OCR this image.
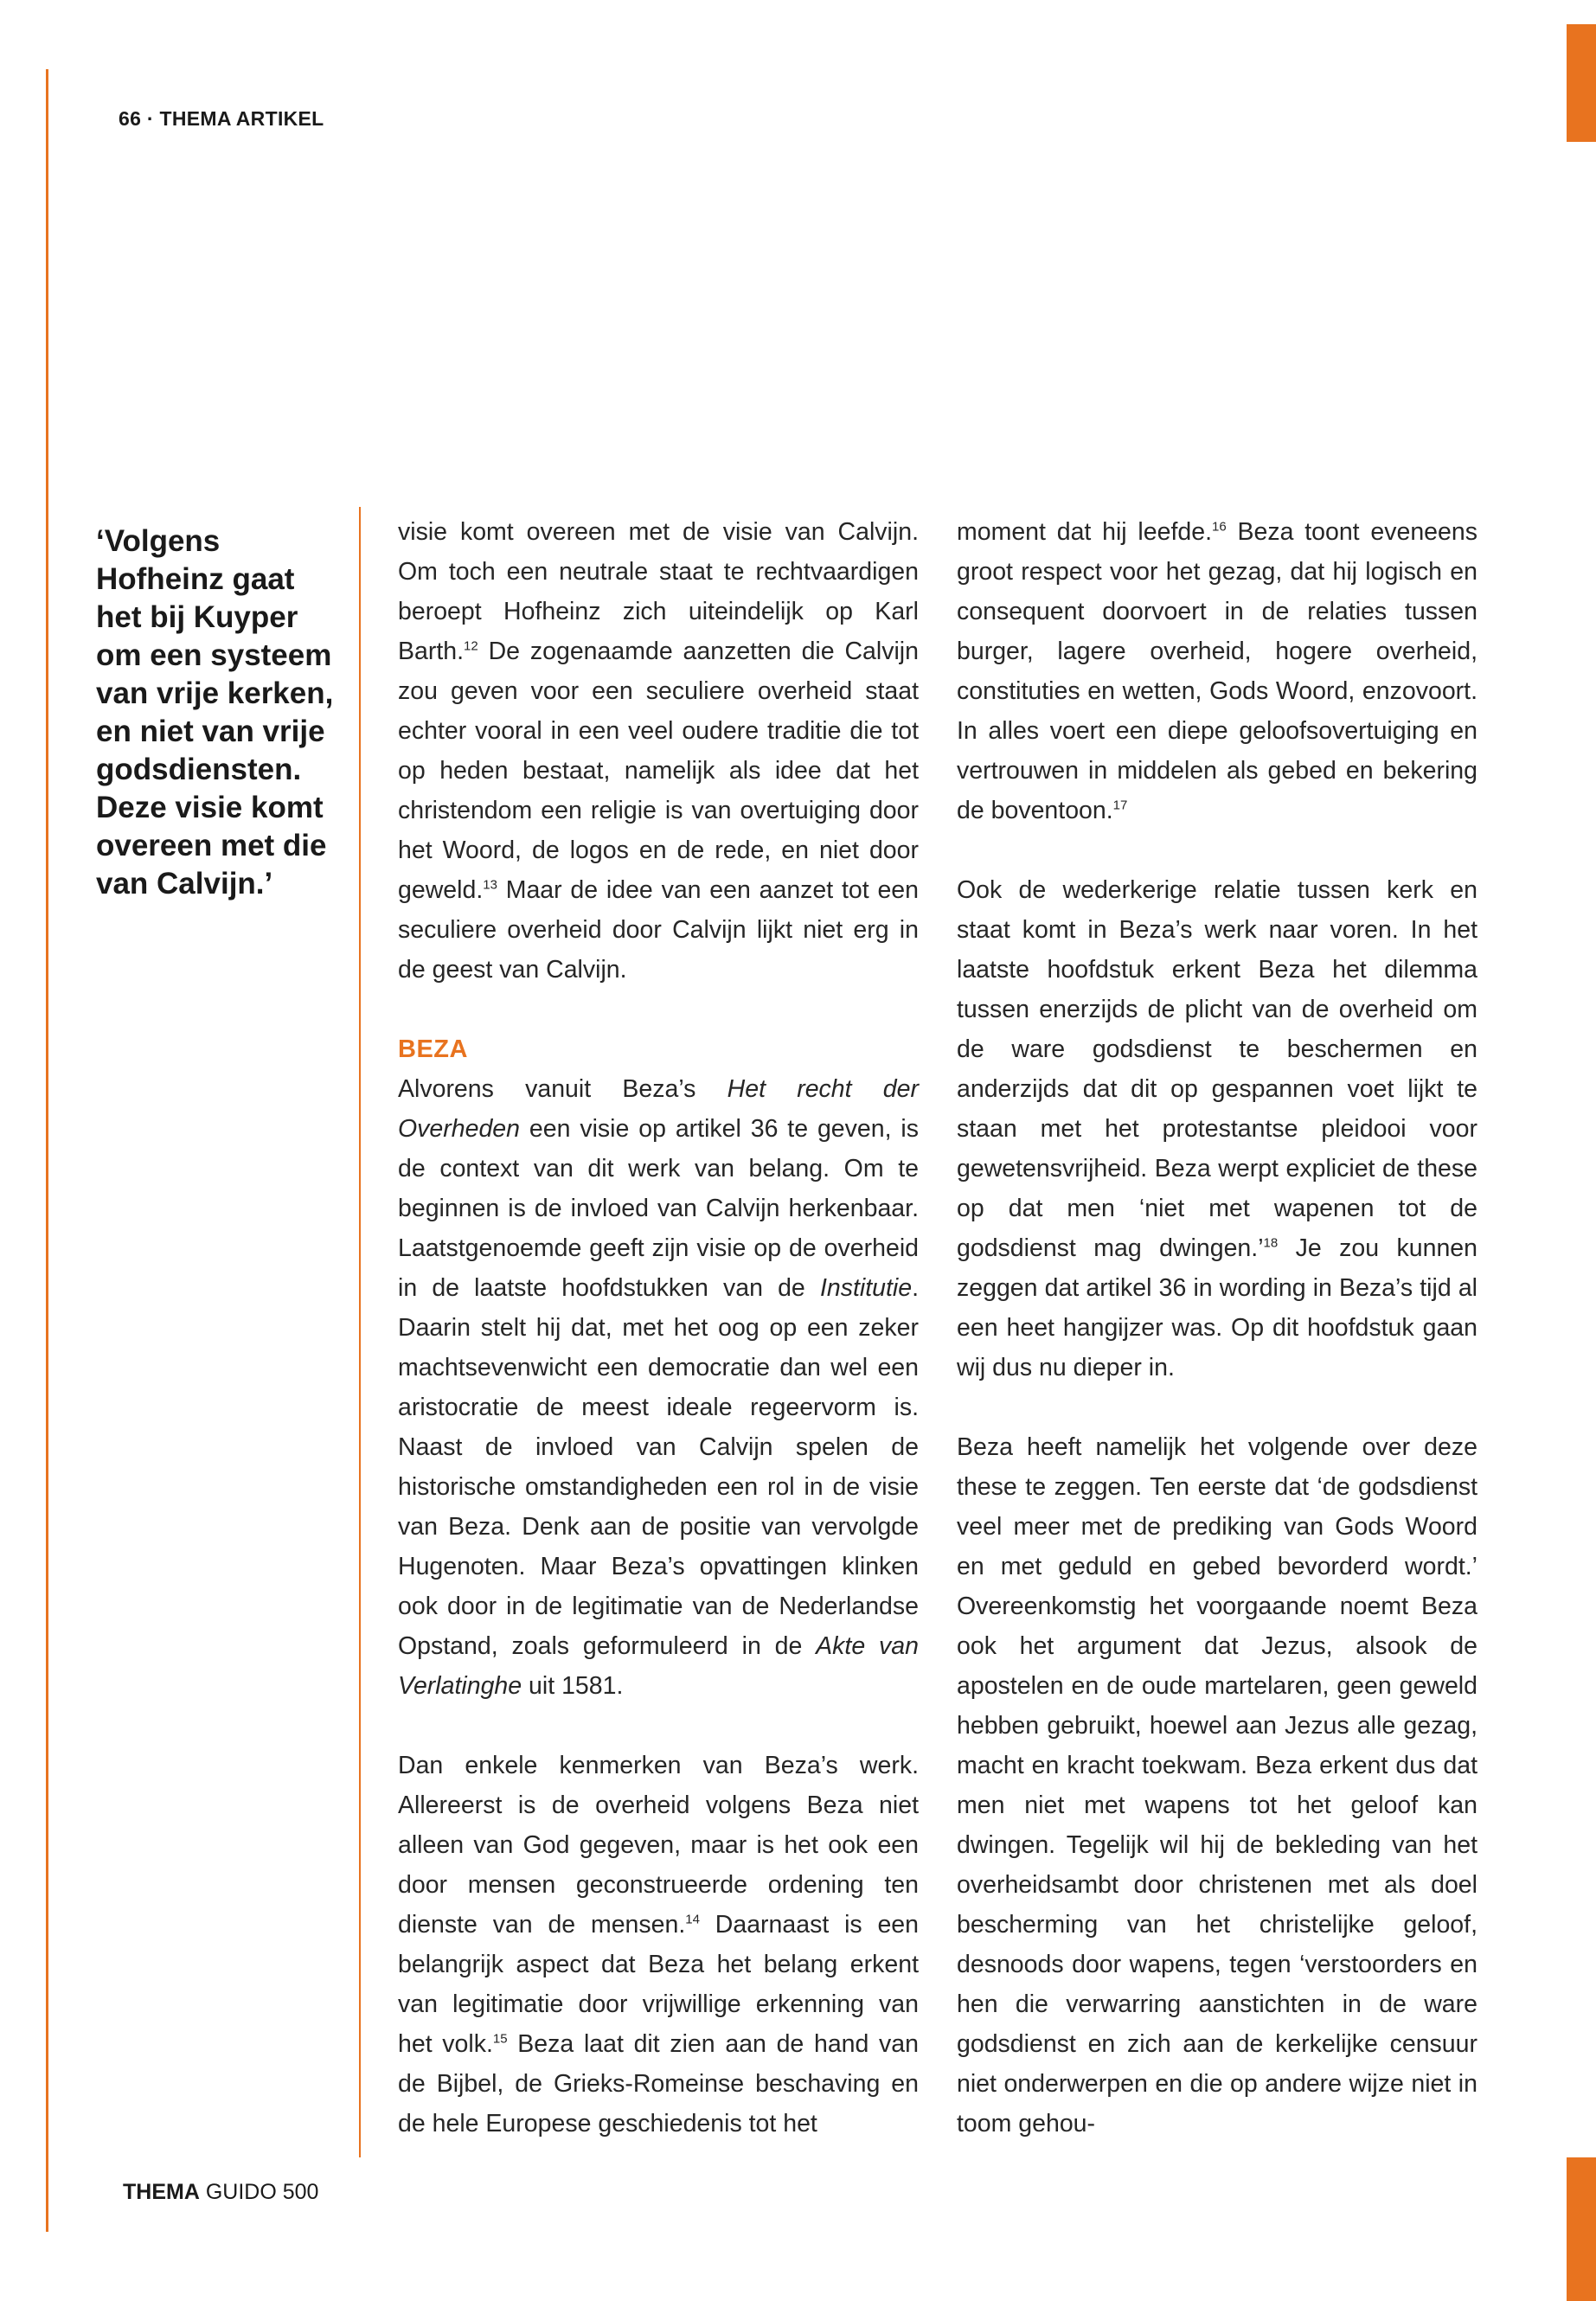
66 · THEMA ARTIKEL
‘Volgens Hofheinz gaat het bij Kuyper om een systeem van vrije kerken, en niet van vrije godsdiensten. Deze visie komt overeen met die van Calvijn.’

visie komt overeen met de visie van Calvijn. Om toch een neutrale staat te rechtvaardigen beroept Hofheinz zich uiteindelijk op Karl Barth.$^{12}$ De zogenaamde aanzetten die Calvijn zou geven voor een seculiere overheid staat echter vooral in een veel oudere traditie die tot op heden bestaat, namelijk als idee dat het christendom een religie is van overtuiging door het Woord, de logos en de rede, en niet door geweld.$^{13}$ Maar de idee van een aanzet tot een seculiere overheid door Calvijn lijkt niet erg in de geest van Calvijn.

BEZA
Alvorens vanuit Beza’s Het recht der Overheden een visie op artikel 36 te geven, is de context van dit werk van belang. Om te beginnen is de invloed van Calvijn herkenbaar. Laatstgenoemde geeft zijn visie op de overheid in de laatste hoofdstukken van de Institutie. Daarin stelt hij dat, met het oog op een zeker machtsevenwicht een democratie dan wel een aristocratie de meest ideale regeervorm is. Naast de invloed van Calvijn spelen de historische omstandigheden een rol in de visie van Beza. Denk aan de positie van vervolgde Hugenoten. Maar Beza’s opvattingen klinken ook door in de legitimatie van de Nederlandse Opstand, zoals geformuleerd in de Akte van Verlatinghe uit 1581.

Dan enkele kenmerken van Beza’s werk. Allereerst is de overheid volgens Beza niet alleen van God gegeven, maar is het ook een door mensen geconstrueerde ordening ten dienste van de mensen.$^{14}$ Daarnaast is een belangrijk aspect dat Beza het belang erkent van legitimatie door vrijwillige erkenning van het volk.$^{15}$ Beza laat dit zien aan de hand van de Bijbel, de Grieks-Romeinse beschaving en de hele Europese geschiedenis tot het

moment dat hij leefde.$^{16}$ Beza toont eveneens groot respect voor het gezag, dat hij logisch en consequent doorvoert in de relaties tussen burger, lagere overheid, hogere overheid, constituties en wetten, Gods Woord, enzovoort. In alles voert een diepe geloofsovertuiging en vertrouwen in middelen als gebed en bekering de boventoon.$^{17}$

Ook de wederkerige relatie tussen kerk en staat komt in Beza’s werk naar voren. In het laatste hoofdstuk erkent Beza het dilemma tussen enerzijds de plicht van de overheid om de ware godsdienst te beschermen en anderzijds dat dit op gespannen voet lijkt te staan met het protestantse pleidooi voor gewetensvrijheid. Beza werpt expliciet de these op dat men ‘niet met wapenen tot de godsdienst mag dwingen.’$^{18}$ Je zou kunnen zeggen dat artikel 36 in wording in Beza’s tijd al een heet hangijzer was. Op dit hoofdstuk gaan wij dus nu dieper in.

Beza heeft namelijk het volgende over deze these te zeggen. Ten eerste dat ‘de godsdienst veel meer met de prediking van Gods Woord en met geduld en gebed bevorderd wordt.’ Overeenkomstig het voorgaande noemt Beza ook het argument dat Jezus, alsook de apostelen en de oude martelaren, geen geweld hebben gebruikt, hoewel aan Jezus alle gezag, macht en kracht toekwam. Beza erkent dus dat men niet met wapens tot het geloof kan dwingen. Tegelijk wil hij de bekleding van het overheidsambt door christenen met als doel bescherming van het christelijke geloof, desnoods door wapens, tegen ‘verstoorders en hen die verwarring aanstichten in de ware godsdienst en zich aan de kerkelijke censuur niet onderwerpen en die op andere wijze niet in toom gehou-

THEMA GUIDO 500
